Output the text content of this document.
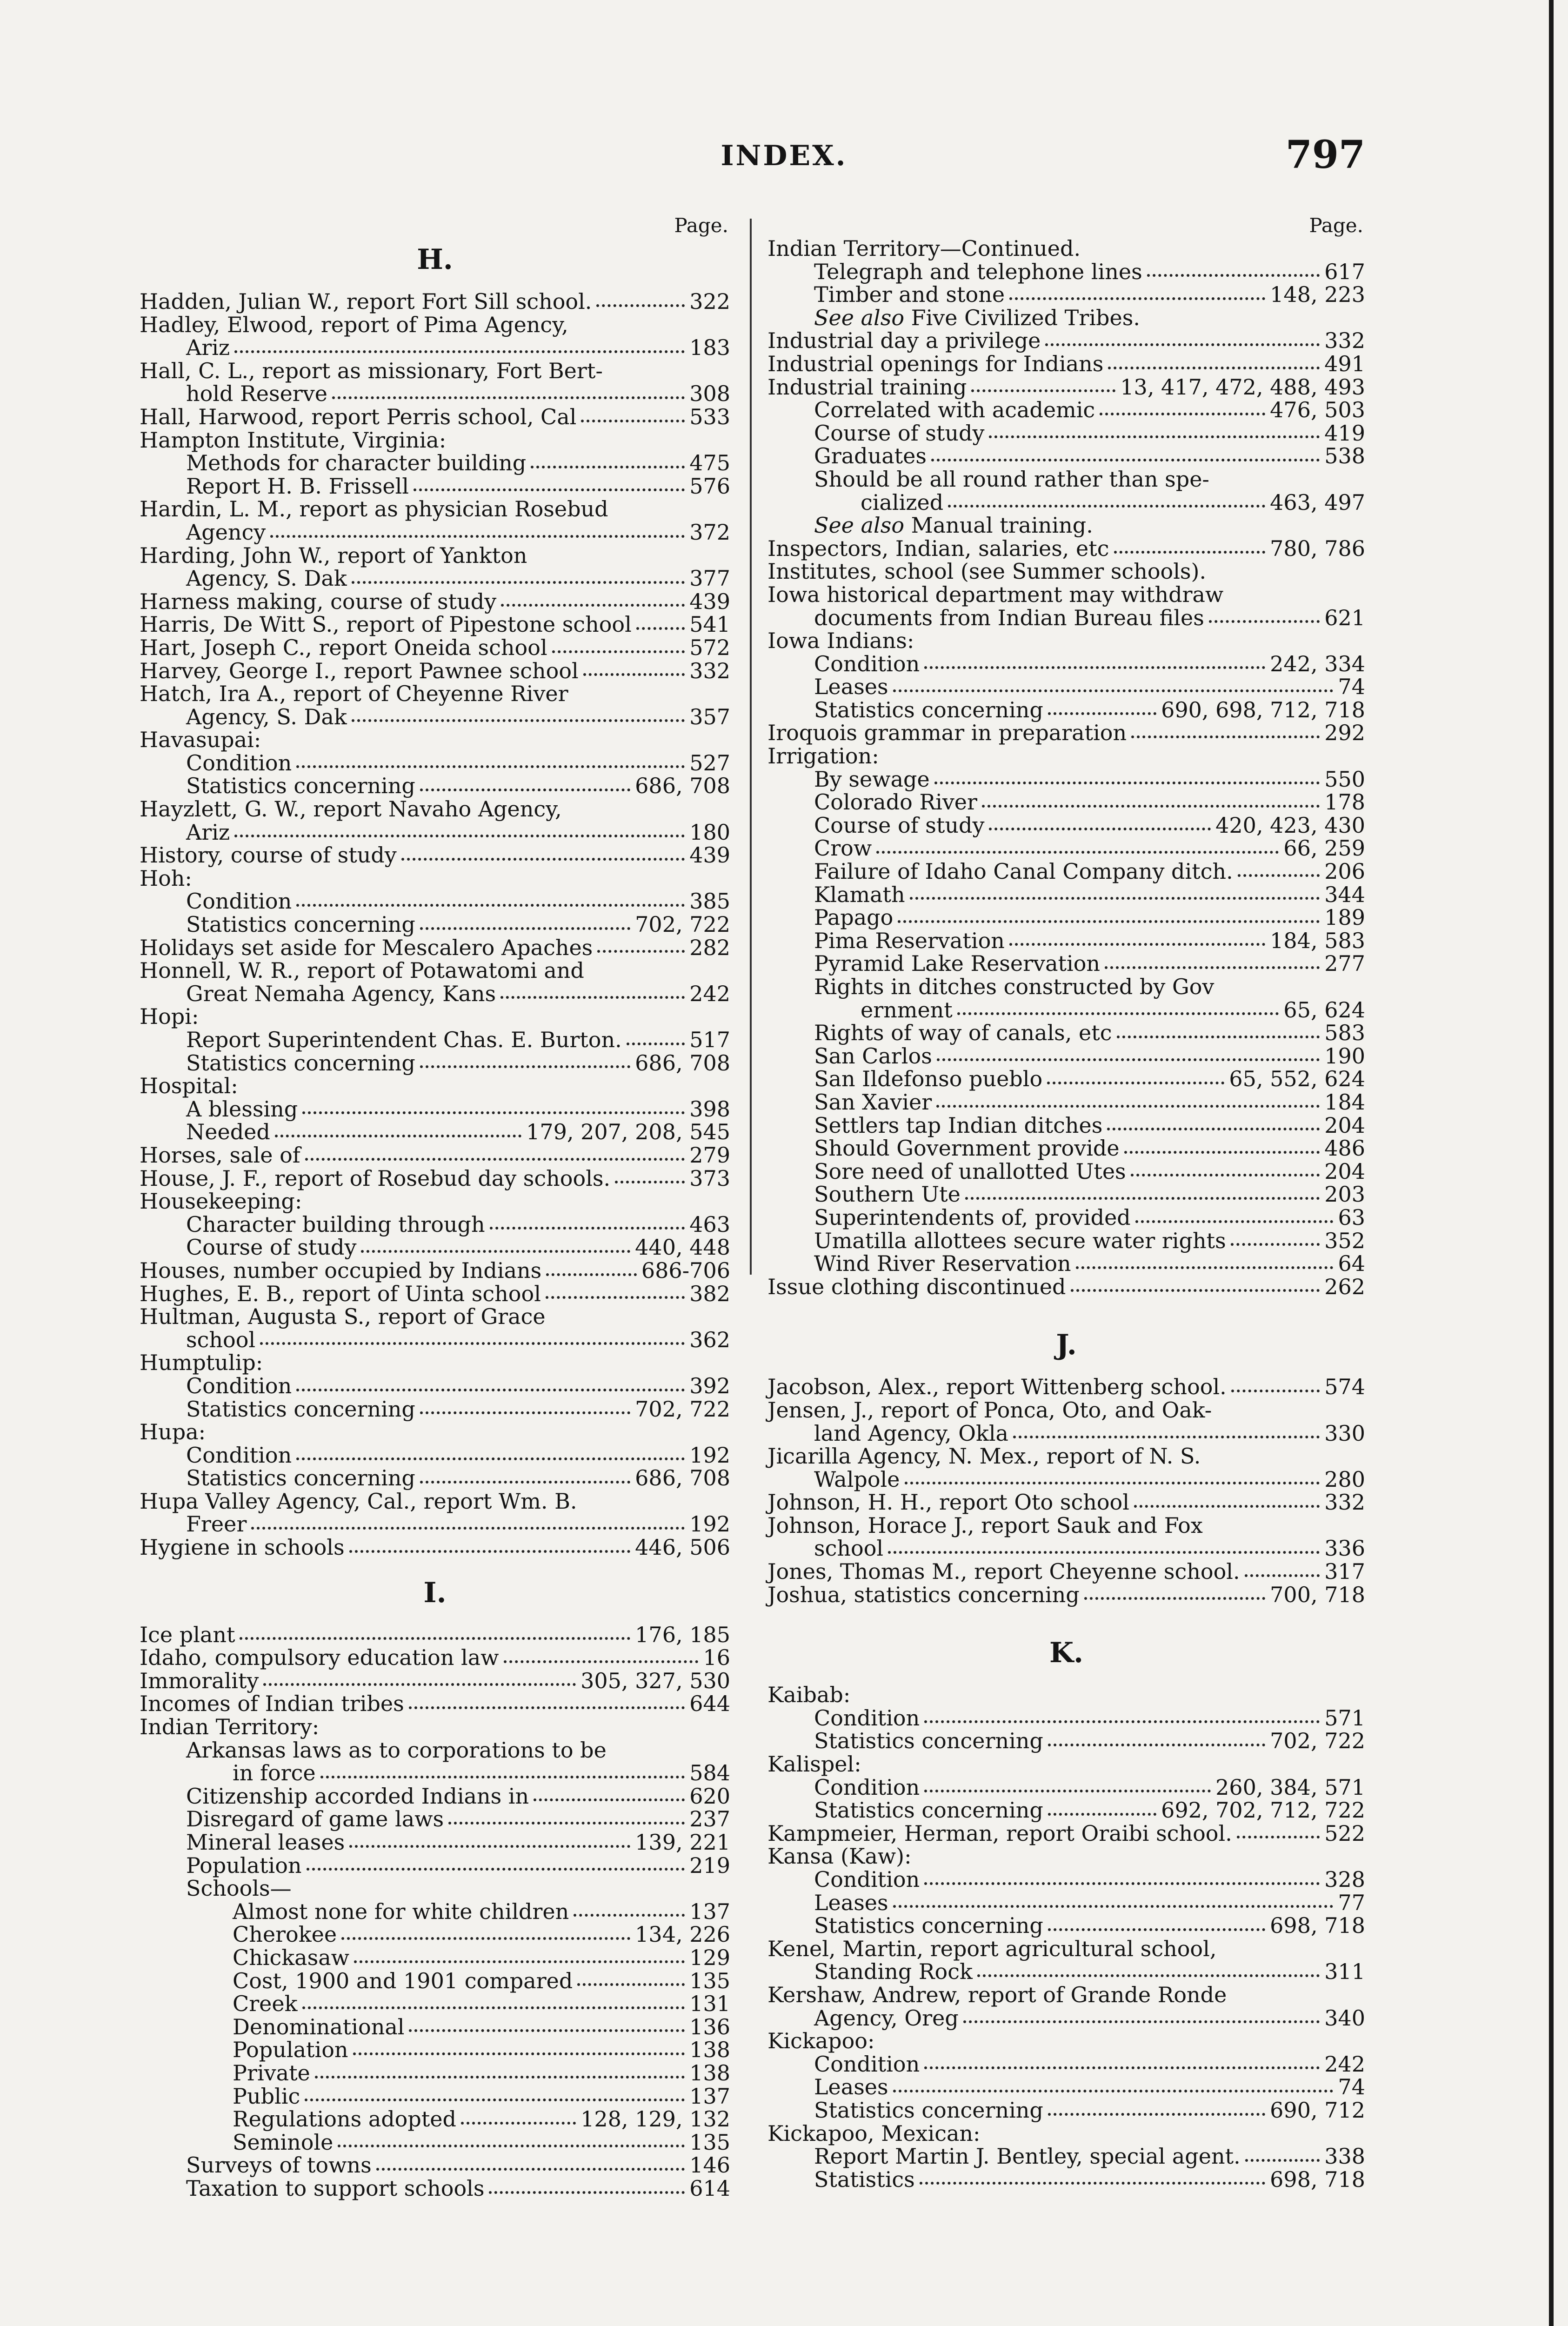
INDEX.	797
Page.
H.
Hadden, Julian W., report Fort Sill school.	322
Hadley, Elwood, report of Pima Agency,
Ariz	183
Hall, C. L., report as missionary, Fort Bert-
hold Reserve	308
Hall, Harwood, report Perris school, Cal	533
Hampton Institute, Virginia:
Methods for character building	475
Report H. B. Frissell	576
Hardin, L. M., report as physician Rosebud
Agency	372
Harding, John W., report of Yankton
Agency, S. Dak	377
Harness making, course of study	439
Harris, De Witt S., report of Pipestone school	541
Hart, Joseph C., report Oneida school	572
Harvey, George I., report Pawnee school	332
Hatch, Ira A., report of Cheyenne River
Agency, S. Dak	357
Havasupai:
Condition	527
Statistics concerning	686, 708
Hayzlett, G. W., report Navaho Agency,
Ariz	180
History, course of study	439
Hoh:
Condition	385
Statistics concerning	702, 722
Holidays set aside for Mescalero Apaches	282
Honnell, W. R., report of Potawatomi and
Great Nemaha Agency, Kans	242
Hopi:
Report Superintendent Chas. E. Burton.	517
Statistics concerning	686, 708
Hospital:
A blessing	398
Needed	179, 207, 208, 545
Horses, sale of	279
House, J. F., report of Rosebud day schools.	373
Housekeeping:
Character building through	463
Course of study	440, 448
Houses, number occupied by Indians	686-706
Hughes, E. B., report of Uinta school	382
Hultman, Augusta S., report of Grace
school	362
Humptulip:
Condition	392
Statistics concerning	702, 722
Hupa:
Condition	192
Statistics concerning	686, 708
Hupa Valley Agency, Cal., report Wm. B.
Freer	192
Hygiene in schools	446, 506
I.
Ice plant	176, 185
Idaho, compulsory education law	16
Immorality	305, 327, 530
Incomes of Indian tribes	644
Indian Territory:
Arkansas laws as to corporations to be
in force	584
Citizenship accorded Indians in	620
Disregard of game laws	237
Mineral leases	139, 221
Population	219
Schools—
Almost none for white children	137
Cherokee	134, 226
Chickasaw	129
Cost, 1900 and 1901 compared	135
Creek	131
Denominational	136
Population	138
Private	138
Public	137
Regulations adopted	128, 129, 132
Seminole	135
Surveys of towns	146
Taxation to support schools	614
Page.
Indian Territory—Continued.
Telegraph and telephone lines	617
Timber and stone	148, 223
See also Five Civilized Tribes.
Industrial day a privilege	332
Industrial openings for Indians	491
Industrial training	13, 417, 472, 488, 493
Correlated with academic	476, 503
Course of study	419
Graduates	538
Should be all round rather than spe-
cialized	463, 497
See also Manual training.
Inspectors, Indian, salaries, etc	780, 786
Institutes, school (see Summer schools).
Iowa historical department may withdraw
documents from Indian Bureau files	621
Iowa Indians:
Condition	242, 334
Leases	74
Statistics concerning	690, 698, 712, 718
Iroquois grammar in preparation	292
Irrigation:
By sewage	550
Colorado River	178
Course of study	420, 423, 430
Crow	66, 259
Failure of Idaho Canal Company ditch.	206
Klamath	344
Papago	189
Pima Reservation	184, 583
Pyramid Lake Reservation	277
Rights in ditches constructed by Gov
ernment	65, 624
Rights of way of canals, etc	583
San Carlos	190
San Ildefonso pueblo	65, 552, 624
San Xavier	184
Settlers tap Indian ditches	204
Should Government provide	486
Sore need of unallotted Utes	204
Southern Ute	203
Superintendents of, provided	63
Umatilla allottees secure water rights	352
Wind River Reservation	64
Issue clothing discontinued	262
J.
Jacobson, Alex., report Wittenberg school.	574
Jensen, J., report of Ponca, Oto, and Oak-
land Agency, Okla	330
Jicarilla Agency, N. Mex., report of N. S.
Walpole	280
Johnson, H. H., report Oto school	332
Johnson, Horace J., report Sauk and Fox
school	336
Jones, Thomas M., report Cheyenne school.	317
Joshua, statistics concerning	700, 718
K.
Kaibab:
Condition	571
Statistics concerning	702, 722
Kalispel:
Condition	260, 384, 571
Statistics concerning	692, 702, 712, 722
Kampmeier, Herman, report Oraibi school.	522
Kansa (Kaw):
Condition	328
Leases	77
Statistics concerning	698, 718
Kenel, Martin, report agricultural school,
Standing Rock	311
Kershaw, Andrew, report of Grande Ronde
Agency, Oreg	340
Kickapoo:
Condition	242
Leases	74
Statistics concerning	690, 712
Kickapoo, Mexican:
Report Martin J. Bentley, special agent.	338
Statistics	698, 718
